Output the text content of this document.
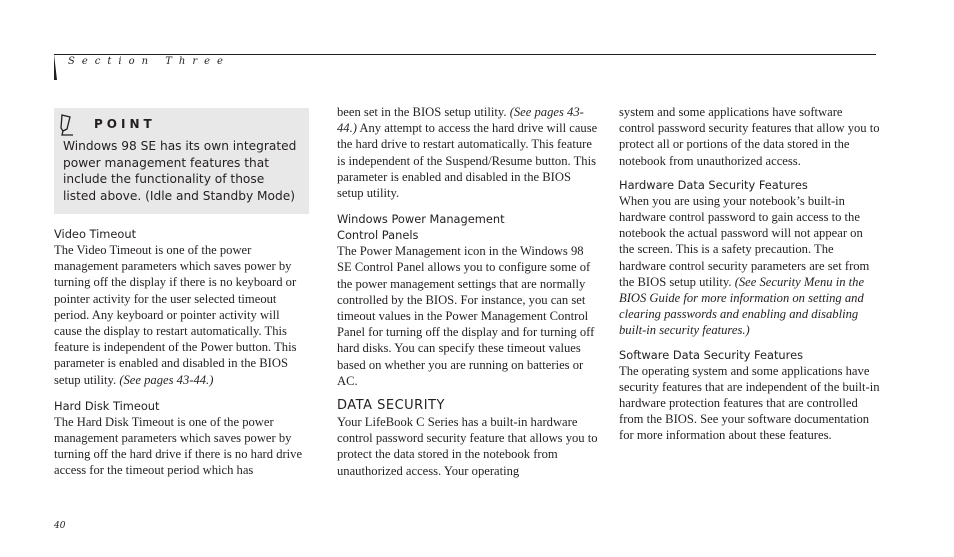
Section Three
POINT
Windows 98 SE has its own integrated power management features that include the functionality of those listed above. (Idle and Standby Mode)
Video Timeout

The Video Timeout is one of the power management parameters which saves power by turning off the display if there is no keyboard or pointer activity for the user selected timeout period. Any keyboard or pointer activity will cause the display to restart automatically. This feature is independent of the Power button. This parameter is enabled and disabled in the BIOS setup utility. (See pages 43-44.)

Hard Disk Timeout

The Hard Disk Timeout is one of the power management parameters which saves power by turning off the hard drive if there is no hard drive access for the timeout period which has

been set in the BIOS setup utility. (See pages 43-44.) Any attempt to access the hard drive will cause the hard drive to restart automatically. This feature is independent of the Suspend/Resume button. This parameter is enabled and disabled in the BIOS setup utility.

Windows Power Management
Control Panels

The Power Management icon in the Windows 98 SE Control Panel allows you to configure some of the power management settings that are normally controlled by the BIOS. For instance, you can set timeout values in the Power Management Control Panel for turning off the display and for turning off hard disks. You can specify these timeout values based on whether you are running on batteries or AC.

DATA SECURITY

Your LifeBook C Series has a built-in hardware control password security feature that allows you to protect the data stored in the notebook from unauthorized access. Your operating

system and some applications have software control password security features that allow you to protect all or portions of the data stored in the notebook from unauthorized access.

Hardware Data Security Features

When you are using your notebook’s built-in hardware control password to gain access to the notebook the actual password will not appear on the screen. This is a safety precaution. The hardware control security parameters are set from the BIOS setup utility. (See Security Menu in the BIOS Guide for more information on setting and clearing passwords and enabling and disabling built-in security features.)

Software Data Security Features

The operating system and some applications have security features that are independent of the built-in hardware protection features that are controlled from the BIOS. See your software documentation for more information about these features.

40
